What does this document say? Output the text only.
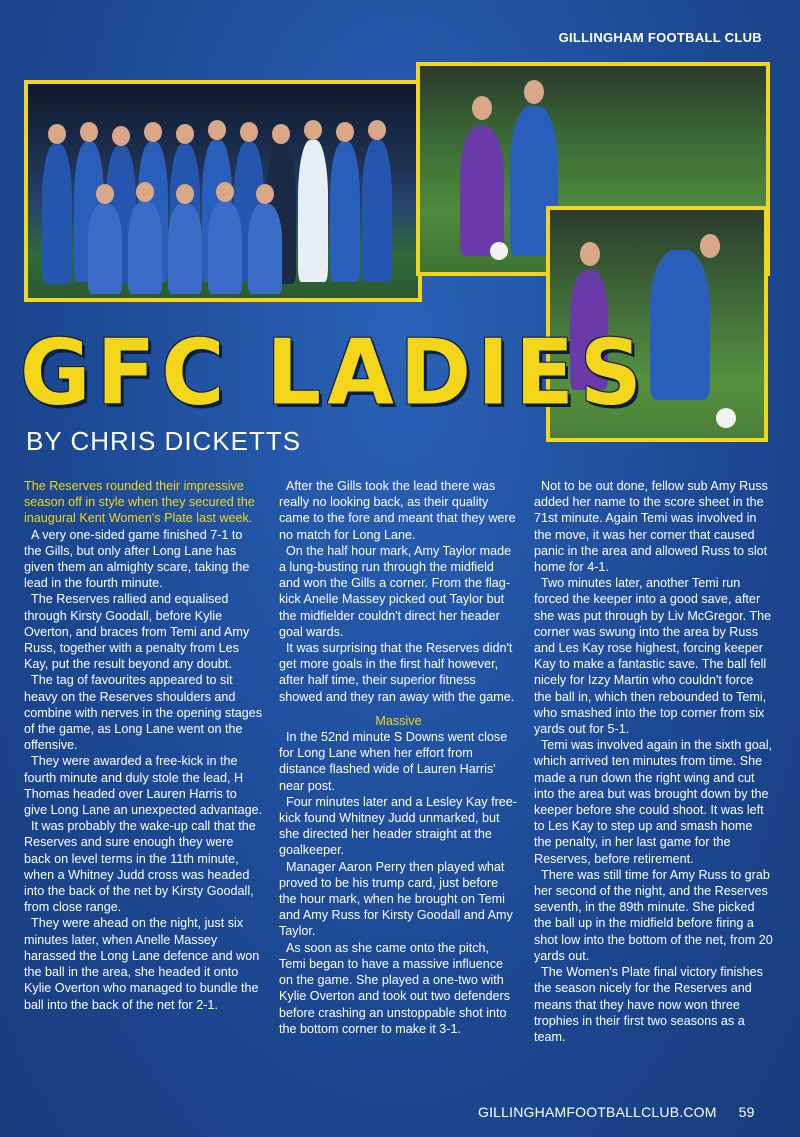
GILLINGHAM FOOTBALL CLUB
GFC LADIES
BY CHRIS DICKETTS

The Reserves rounded their impressive season off in style when they secured the inaugural Kent Women's Plate last week.

A very one-sided game finished 7-1 to the Gills, but only after Long Lane has given them an almighty scare, taking the lead in the fourth minute.

The Reserves rallied and equalised through Kirsty Goodall, before Kylie Overton, and braces from Temi and Amy Russ, together with a penalty from Les Kay, put the result beyond any doubt.

The tag of favourites appeared to sit heavy on the Reserves shoulders and combine with nerves in the opening stages of the game, as Long Lane went on the offensive.

They were awarded a free-kick in the fourth minute and duly stole the lead, H Thomas headed over Lauren Harris to give Long Lane an unexpected advantage.

It was probably the wake-up call that the Reserves and sure enough they were back on level terms in the 11th minute, when a Whitney Judd cross was headed into the back of the net by Kirsty Goodall, from close range.

They were ahead on the night, just six minutes later, when Anelle Massey harassed the Long Lane defence and won the ball in the area, she headed it onto Kylie Overton who managed to bundle the ball into the back of the net for 2-1.

After the Gills took the lead there was really no looking back, as their quality came to the fore and meant that they were no match for Long Lane.

On the half hour mark, Amy Taylor made a lung-busting run through the midfield and won the Gills a corner. From the flag-kick Anelle Massey picked out Taylor but the midfielder couldn't direct her header goal wards.

It was surprising that the Reserves didn't get more goals in the first half however, after half time, their superior fitness showed and they ran away with the game.

Massive

In the 52nd minute S Downs went close for Long Lane when her effort from distance flashed wide of Lauren Harris' near post.

Four minutes later and a Lesley Kay free-kick found Whitney Judd unmarked, but she directed her header straight at the goalkeeper.

Manager Aaron Perry then played what proved to be his trump card, just before the hour mark, when he brought on Temi and Amy Russ for Kirsty Goodall and Amy Taylor.

As soon as she came onto the pitch, Temi began to have a massive influence on the game. She played a one-two with Kylie Overton and took out two defenders before crashing an unstoppable shot into the bottom corner to make it 3-1.

Not to be out done, fellow sub Amy Russ added her name to the score sheet in the 71st minute. Again Temi was involved in the move, it was her corner that caused panic in the area and allowed Russ to slot home for 4-1.

Two minutes later, another Temi run forced the keeper into a good save, after she was put through by Liv McGregor. The corner was swung into the area by Russ and Les Kay rose highest, forcing keeper Kay to make a fantastic save. The ball fell nicely for Izzy Martin who couldn't force the ball in, which then rebounded to Temi, who smashed into the top corner from six yards out for 5-1.

Temi was involved again in the sixth goal, which arrived ten minutes from time. She made a run down the right wing and cut into the area but was brought down by the keeper before she could shoot. It was left to Les Kay to step up and smash home the penalty, in her last game for the Reserves, before retirement.

There was still time for Amy Russ to grab her second of the night, and the Reserves seventh, in the 89th minute. She picked the ball up in the midfield before firing a shot low into the bottom of the net, from 20 yards out.

The Women's Plate final victory finishes the season nicely for the Reserves and means that they have now won three trophies in their first two seasons as a team.

GILLINGHAMFOOTBALLCLUB.COM 59
